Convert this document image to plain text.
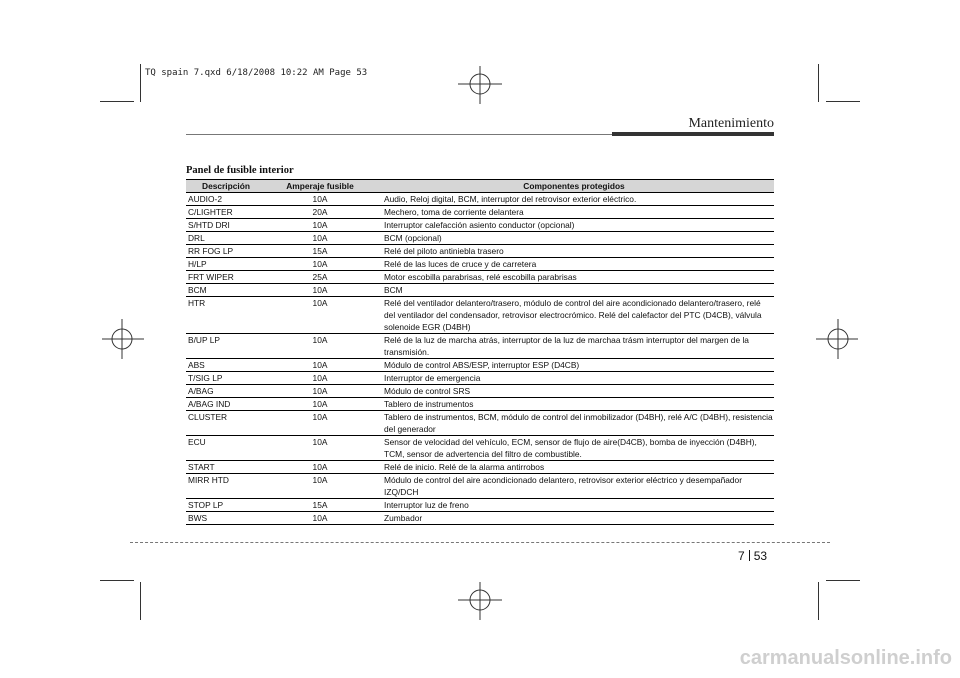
TQ spain 7.qxd 6/18/2008 10:22 AM Page 53
Mantenimiento
Panel de fusible interior
Descripción	Amperaje fusible	Componentes protegidos
AUDIO-2	10A	Audio, Reloj digital, BCM, interruptor del retrovisor exterior eléctrico.
C/LIGHTER	20A	Mechero, toma de corriente delantera
S/HTD DRI	10A	Interruptor calefacción asiento conductor (opcional)
DRL	10A	BCM (opcional)
RR FOG LP	15A	Relé del piloto antiniebla trasero
H/LP	10A	Relé de las luces de cruce y de carretera
FRT WIPER	25A	Motor escobilla parabrisas, relé escobilla parabrisas
BCM	10A	BCM
HTR	10A	Relé del ventilador delantero/trasero, módulo de control del aire acondicionado delantero/trasero, relé del ventilador del condensador, retrovisor electrocrómico. Relé del calefactor del PTC (D4CB), válvula solenoide EGR (D4BH)
B/UP LP	10A	Relé de la luz de marcha atrás, interruptor de la luz de marchaa trásm interruptor del margen de la transmisión.
ABS	10A	Módulo de control ABS/ESP, interruptor ESP (D4CB)
T/SIG LP	10A	Interruptor de emergencia
A/BAG	10A	Módulo de control SRS
A/BAG IND	10A	Tablero de instrumentos
CLUSTER	10A	Tablero de instrumentos, BCM, módulo de control del inmobilizador (D4BH), relé A/C (D4BH), resistencia del generador
ECU	10A	Sensor de velocidad del vehículo, ECM, sensor de flujo de aire(D4CB), bomba de inyección (D4BH), TCM, sensor de advertencia del filtro de combustible.
START	10A	Relé de inicio. Relé de la alarma antirrobos
MIRR HTD	10A	Módulo de control del aire acondicionado delantero, retrovisor exterior eléctrico y desempañador IZQ/DCH
STOP LP	15A	Interruptor luz de freno
BWS	10A	Zumbador
7 53
carmanualsonline.info
